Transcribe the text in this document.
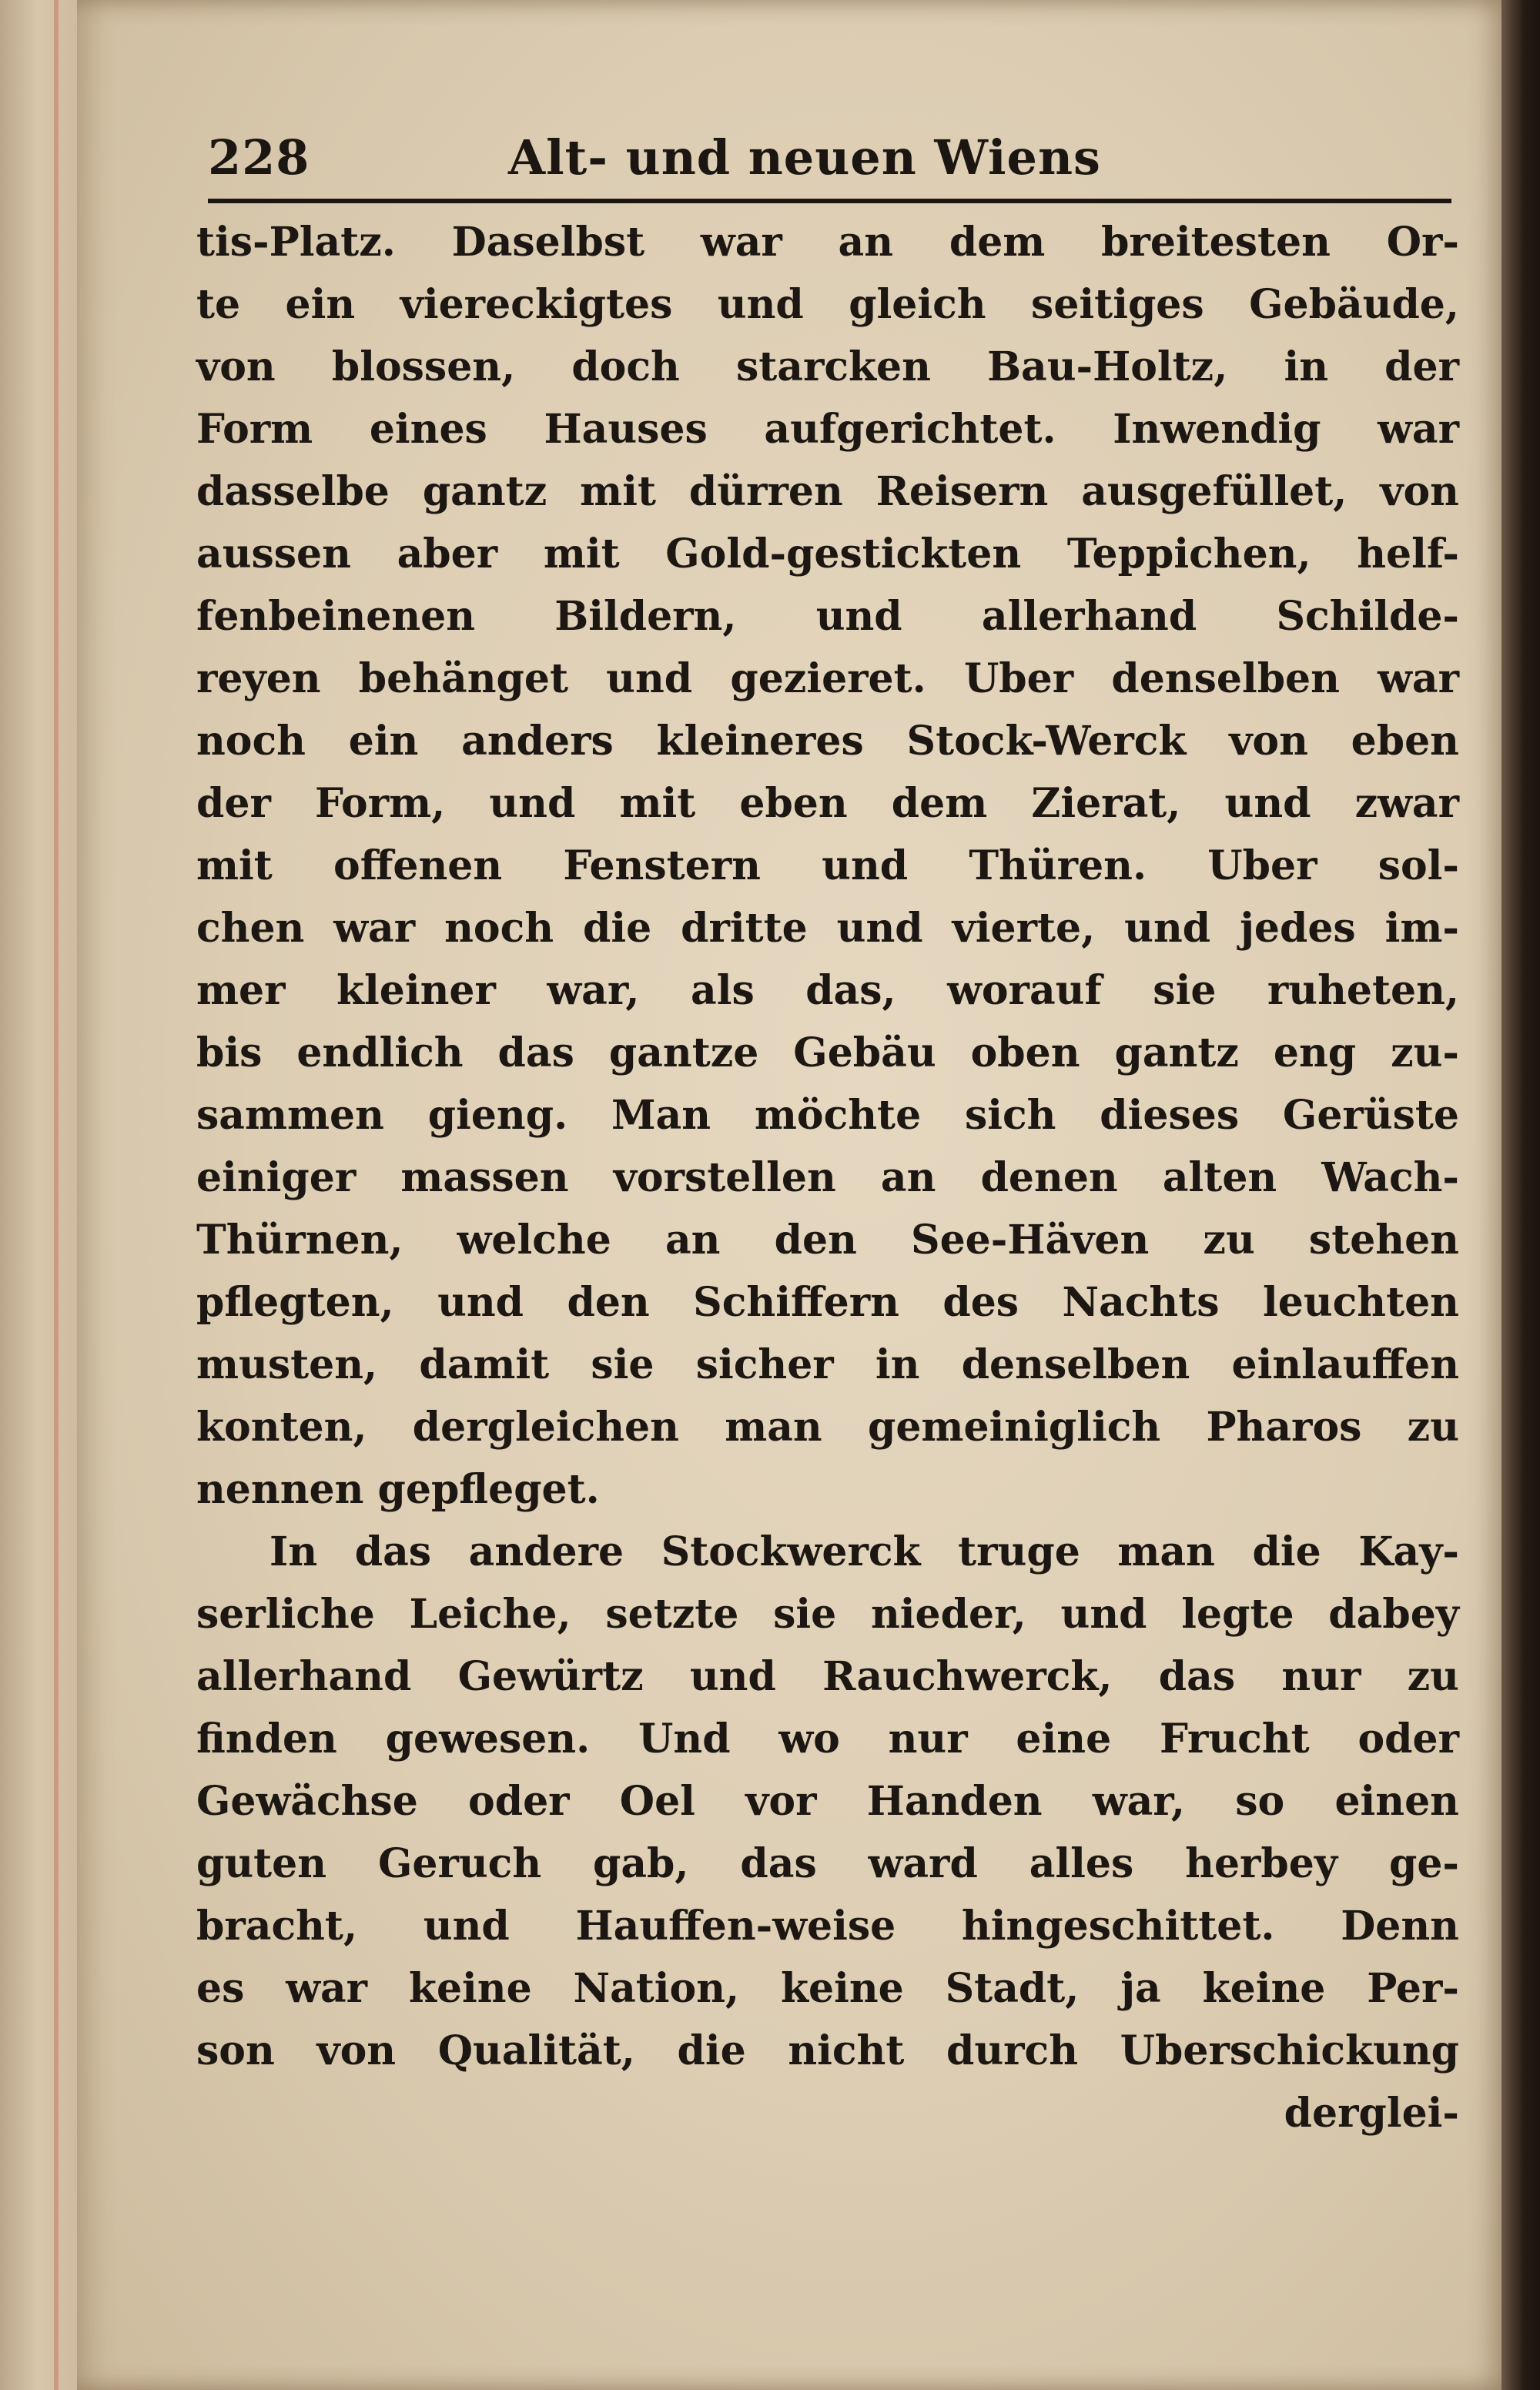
228	Alt- und neuen Wiens
tis-Platz. Daselbst war an dem breitesten Or-
te ein viereckigtes und gleich seitiges Gebäude,
von blossen, doch starcken Bau-Holtz, in der
Form eines Hauses aufgerichtet. Inwendig war
dasselbe gantz mit dürren Reisern ausgefüllet, von
aussen aber mit Gold-gestickten Teppichen, helf-
fenbeinenen Bildern, und allerhand Schilde-
reyen behänget und gezieret. Uber denselben war
noch ein anders kleineres Stock-Werck von eben
der Form, und mit eben dem Zierat, und zwar
mit offenen Fenstern und Thüren. Uber sol-
chen war noch die dritte und vierte, und jedes im-
mer kleiner war, als das, worauf sie ruheten,
bis endlich das gantze Gebäu oben gantz eng zu-
sammen gieng. Man möchte sich dieses Gerüste
einiger massen vorstellen an denen alten Wach-
Thürnen, welche an den See-Häven zu stehen
pflegten, und den Schiffern des Nachts leuchten
musten, damit sie sicher in denselben einlauffen
konten, dergleichen man gemeiniglich Pharos zu
nennen gepfleget.
In das andere Stockwerck truge man die Kay-
serliche Leiche, setzte sie nieder, und legte dabey
allerhand Gewürtz und Rauchwerck, das nur zu
finden gewesen. Und wo nur eine Frucht oder
Gewächse oder Oel vor Handen war, so einen
guten Geruch gab, das ward alles herbey ge-
bracht, und Hauffen-weise hingeschittet. Denn
es war keine Nation, keine Stadt, ja keine Per-
son von Qualität, die nicht durch Uberschickung
derglei-
